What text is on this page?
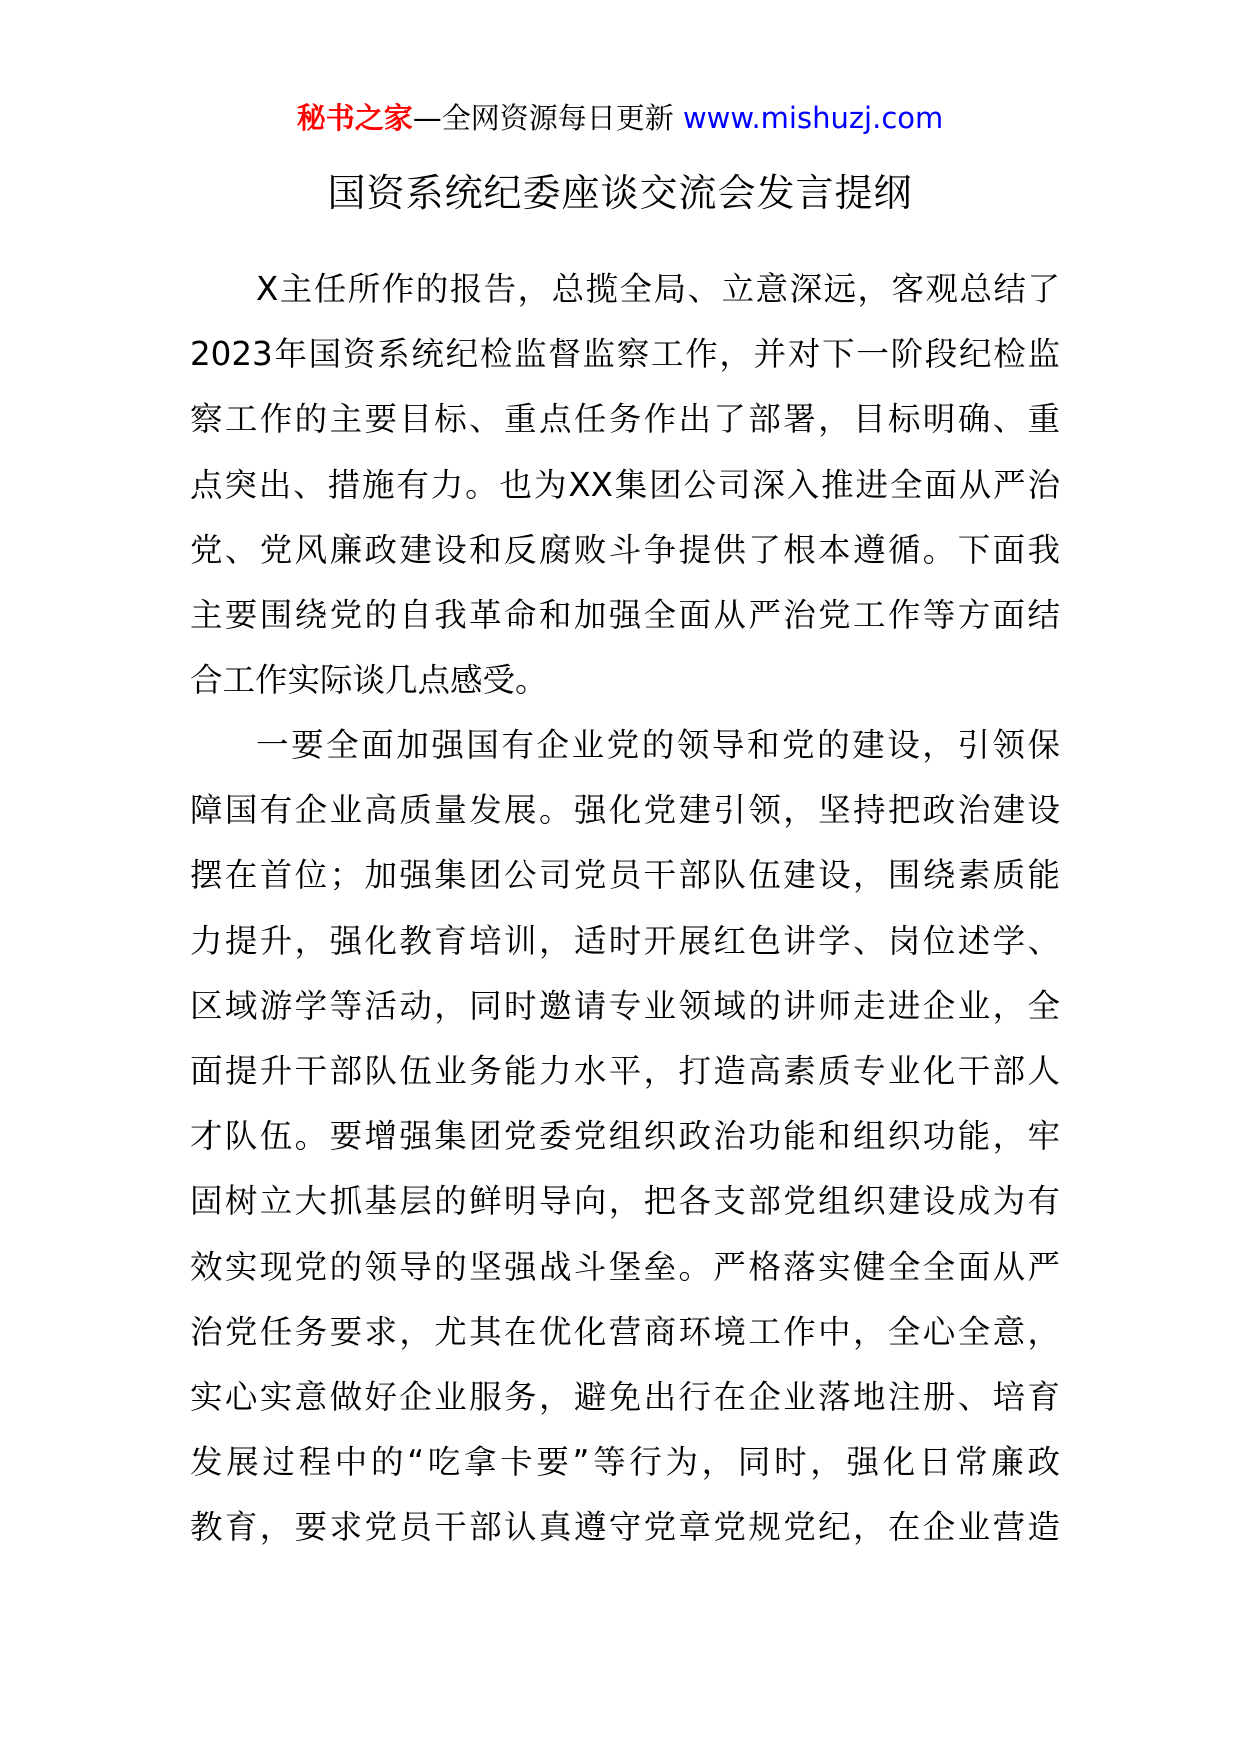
秘书之家—全网资源每日更新 www.mishuzj.com
国资系统纪委座谈交流会发言提纲
X主任所作的报告，总揽全局、立意深远，客观总结了
2023年国资系统纪检监督监察工作，并对下一阶段纪检监
察工作的主要目标、重点任务作出了部署，目标明确、重
点突出、措施有力。也为XX集团公司深入推进全面从严治
党、党风廉政建设和反腐败斗争提供了根本遵循。下面我
主要围绕党的自我革命和加强全面从严治党工作等方面结
合工作实际谈几点感受。
一要全面加强国有企业党的领导和党的建设，引领保
障国有企业高质量发展。强化党建引领，坚持把政治建设
摆在首位；加强集团公司党员干部队伍建设，围绕素质能
力提升，强化教育培训，适时开展红色讲学、岗位述学、
区域游学等活动，同时邀请专业领域的讲师走进企业，全
面提升干部队伍业务能力水平，打造高素质专业化干部人
才队伍。要增强集团党委党组织政治功能和组织功能，牢
固树立大抓基层的鲜明导向，把各支部党组织建设成为有
效实现党的领导的坚强战斗堡垒。严格落实健全全面从严
治党任务要求，尤其在优化营商环境工作中，全心全意，
实心实意做好企业服务，避免出行在企业落地注册、培育
发展过程中的“吃拿卡要”等行为，同时，强化日常廉政
教育，要求党员干部认真遵守党章党规党纪，在企业营造
